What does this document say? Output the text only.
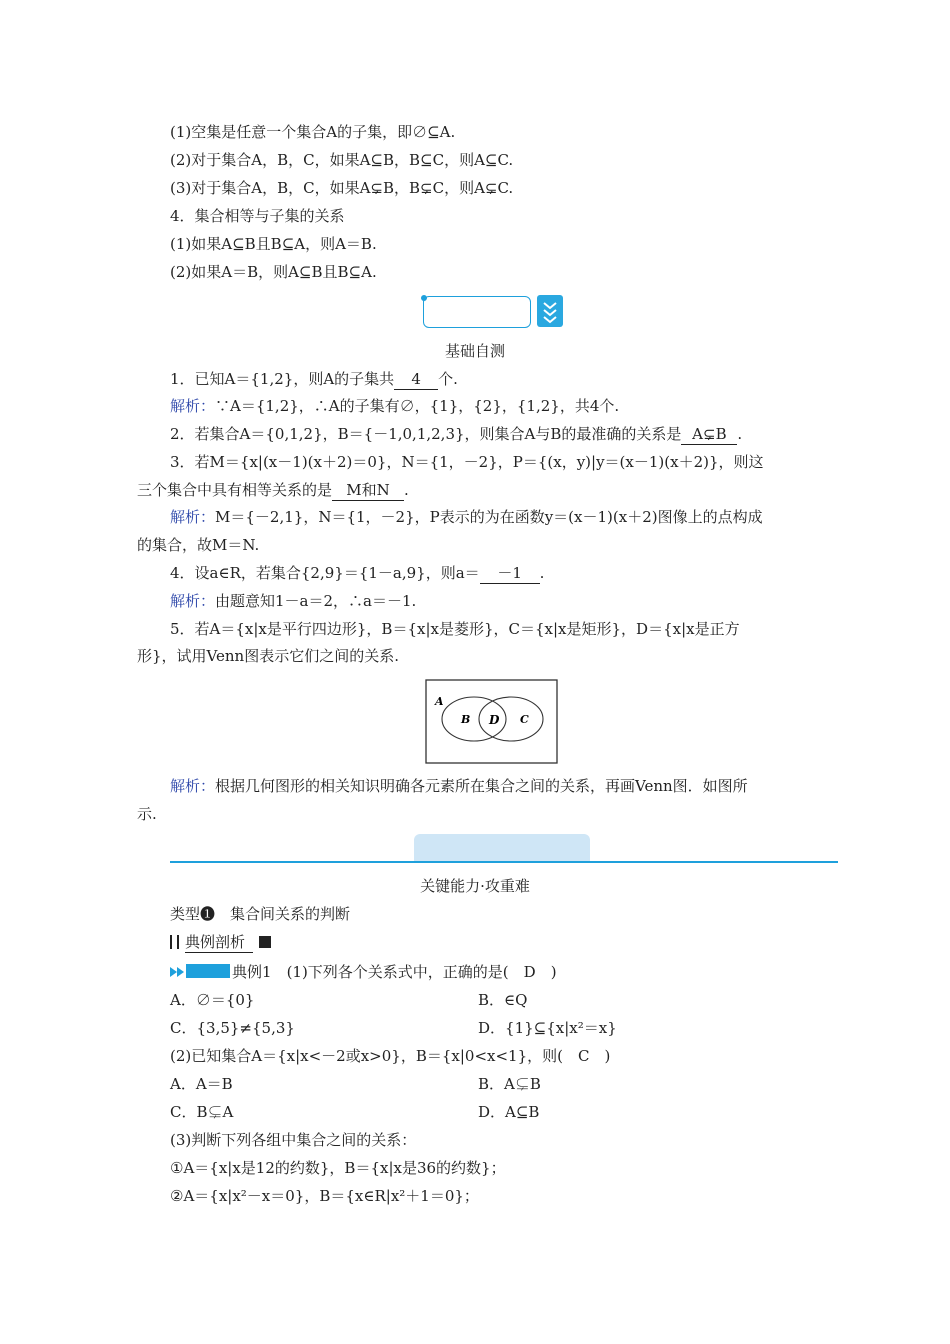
(1)空集是任意一个集合A的子集，即∅⊆A.
(2)对于集合A，B，C，如果A⊆B，B⊆C，则A⊆C.
(3)对于集合A，B，C，如果A⊊B，B⊊C，则A⊊C.
4．集合相等与子集的关系
(1)如果A⊆B且B⊆A，则A＝B.
(2)如果A＝B，则A⊆B且B⊆A.
基础自测
1．已知A＝{1,2}，则A的子集共 4 个.
解析：∵A＝{1,2}，∴A的子集有∅，{1}，{2}，{1,2}，共4个.
2．若集合A＝{0,1,2}，B＝{－1,0,1,2,3}，则集合A与B的最准确的关系是 A⊊B .
3．若M＝{x|(x－1)(x＋2)＝0}，N＝{1，－2}，P＝{(x，y)|y＝(x－1)(x＋2)}，则这
三个集合中具有相等关系的是 M和N .
解析：M＝{－2,1}，N＝{1，－2}，P表示的为在函数y＝(x－1)(x＋2)图像上的点构成
的集合，故M＝N.
4．设a∈R，若集合{2,9}＝{1－a,9}，则a＝ －1 .
解析：由题意知1－a＝2，∴a＝－1.
5．若A＝{x|x是平行四边形}，B＝{x|x是菱形}，C＝{x|x是矩形}，D＝{x|x是正方
形}，试用Venn图表示它们之间的关系.
A
B D C
解析：根据几何图形的相关知识明确各元素所在集合之间的关系，再画Venn图．如图所
示.
关键能力·攻重难
类型❶　集合间关系的判断
典例剖析
典例1　 (1)下列各个关系式中，正确的是(　D　)
A．∅＝{0}	B．∈Q
C．{3,5}≠{5,3}	D．{1}⊆{x|x²＝x}
(2)已知集合A＝{x|x<－2或x>0}，B＝{x|0<x<1}，则(　C　)
A．A＝B	B．A⊊B
C．B⊊A	D．A⊆B
(3)判断下列各组中集合之间的关系：
①A＝{x|x是12的约数}，B＝{x|x是36的约数}；
②A＝{x|x²－x＝0}，B＝{x∈R|x²＋1＝0}；
